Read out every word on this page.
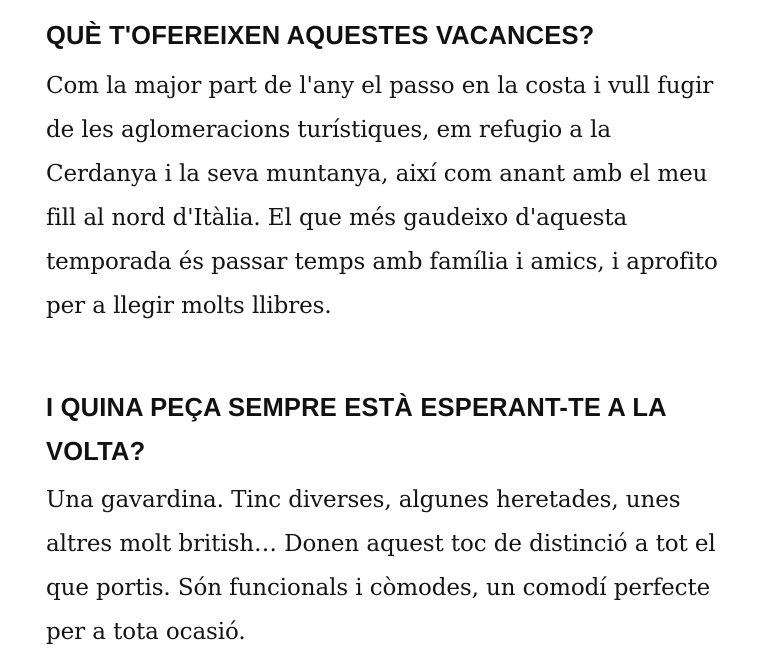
QUÈ T'OFEREIXEN AQUESTES VACANCES?

Com la major part de l'any el passo en la costa i vull fugir de les aglomeracions turístiques, em refugio a la Cerdanya i la seva muntanya, així com anant amb el meu fill al nord d'Itàlia. El que més gaudeixo d'aquesta temporada és passar temps amb família i amics, i aprofito per a llegir molts llibres.

I QUINA PEÇA SEMPRE ESTÀ ESPERANT-TE A LA VOLTA?

Una gavardina. Tinc diverses, algunes heretades, unes altres molt british… Donen aquest toc de distinció a tot el que portis. Són funcionals i còmodes, un comodí perfecte per a tota ocasió.
